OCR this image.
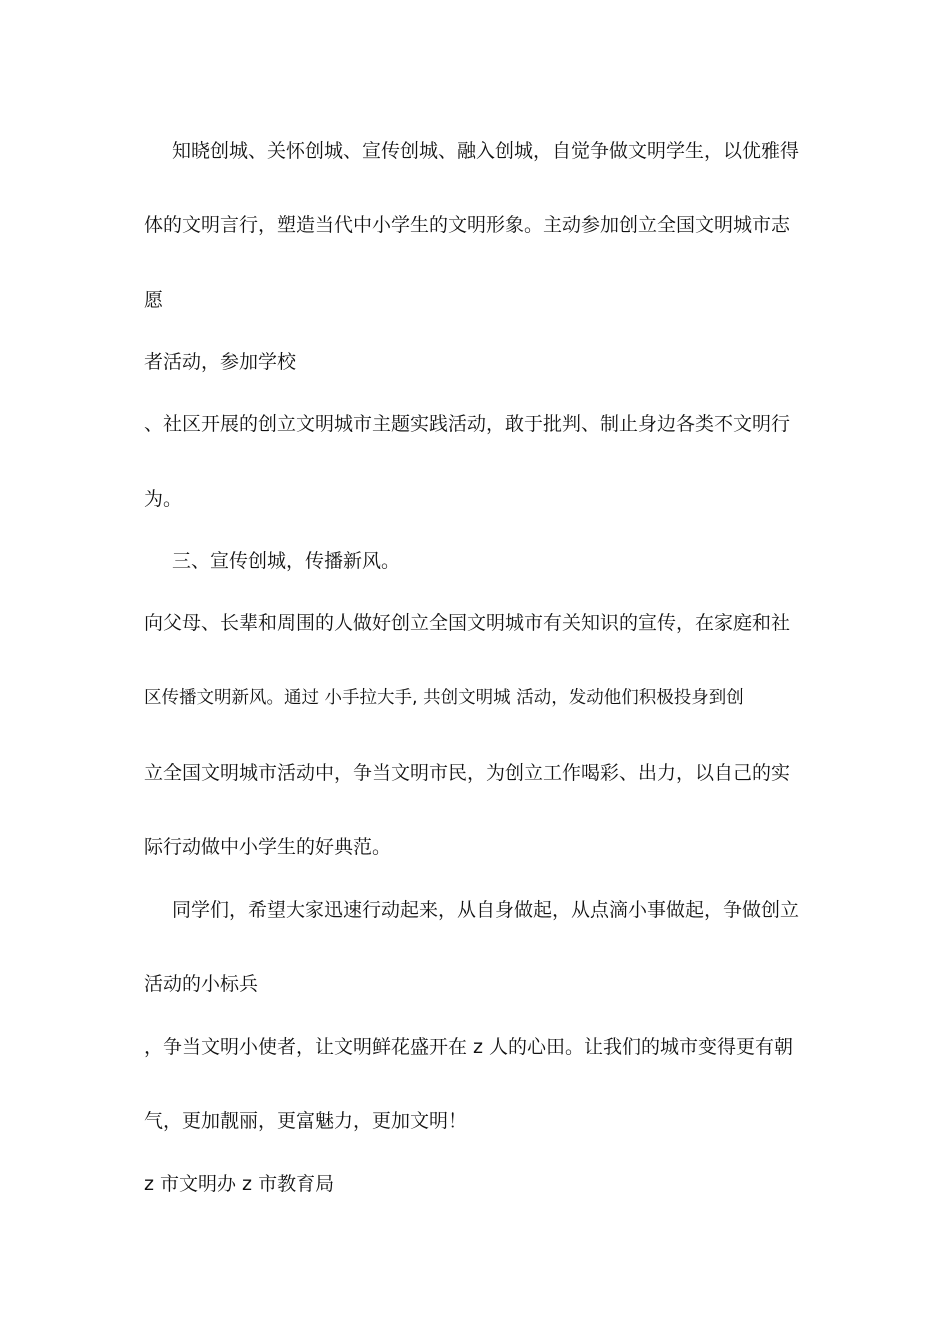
知晓创城、关怀创城、宣传创城、融入创城，自觉争做文明学生，以优雅得
体的文明言行，塑造当代中小学生的文明形象。主动参加创立全国文明城市志
愿
者活动，参加学校
、社区开展的创立文明城市主题实践活动，敢于批判、制止身边各类不文明行
为。
三、宣传创城，传播新风。
向父母、长辈和周围的人做好创立全国文明城市有关知识的宣传，在家庭和社
区传播文明新风。通过 小手拉大手, 共创文明城 活动，发动他们积极投身到创
立全国文明城市活动中，争当文明市民，为创立工作喝彩、出力，以自己的实
际行动做中小学生的好典范。
同学们，希望大家迅速行动起来，从自身做起，从点滴小事做起，争做创立
活动的小标兵
，争当文明小使者，让文明鲜花盛开在 z 人的心田。让我们的城市变得更有朝
气，更加靓丽，更富魅力，更加文明！
z 市文明办 z 市教育局
